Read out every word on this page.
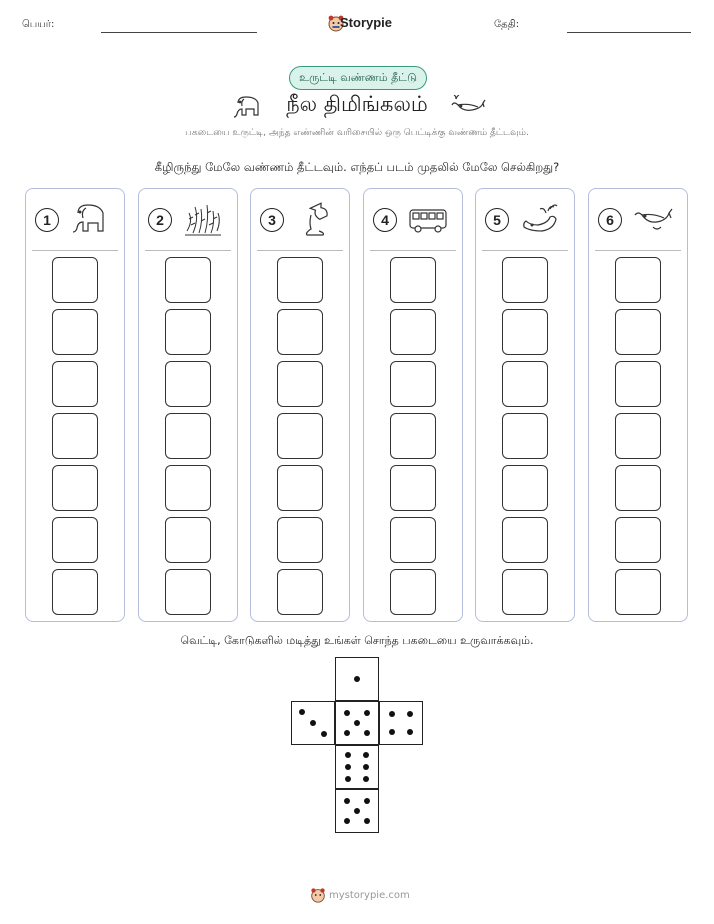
பெயர்:	Storypie	தேதி:
உருட்டி வண்ணம் தீட்டு
நீல திமிங்கலம்
பகடையை உருட்டி, அந்த எண்ணின் வரிசையில் ஒரு பெட்டிக்கு வண்ணம் தீட்டவும்.
கீழிருந்து மேலே வண்ணம் தீட்டவும். எந்தப் படம் முதலில் மேலே செல்கிறது?
1	2	3	4	5	6
வெட்டி, கோடுகளில் மடித்து உங்கள் சொந்த பகடையை உருவாக்கவும்.
mystorypie.com
